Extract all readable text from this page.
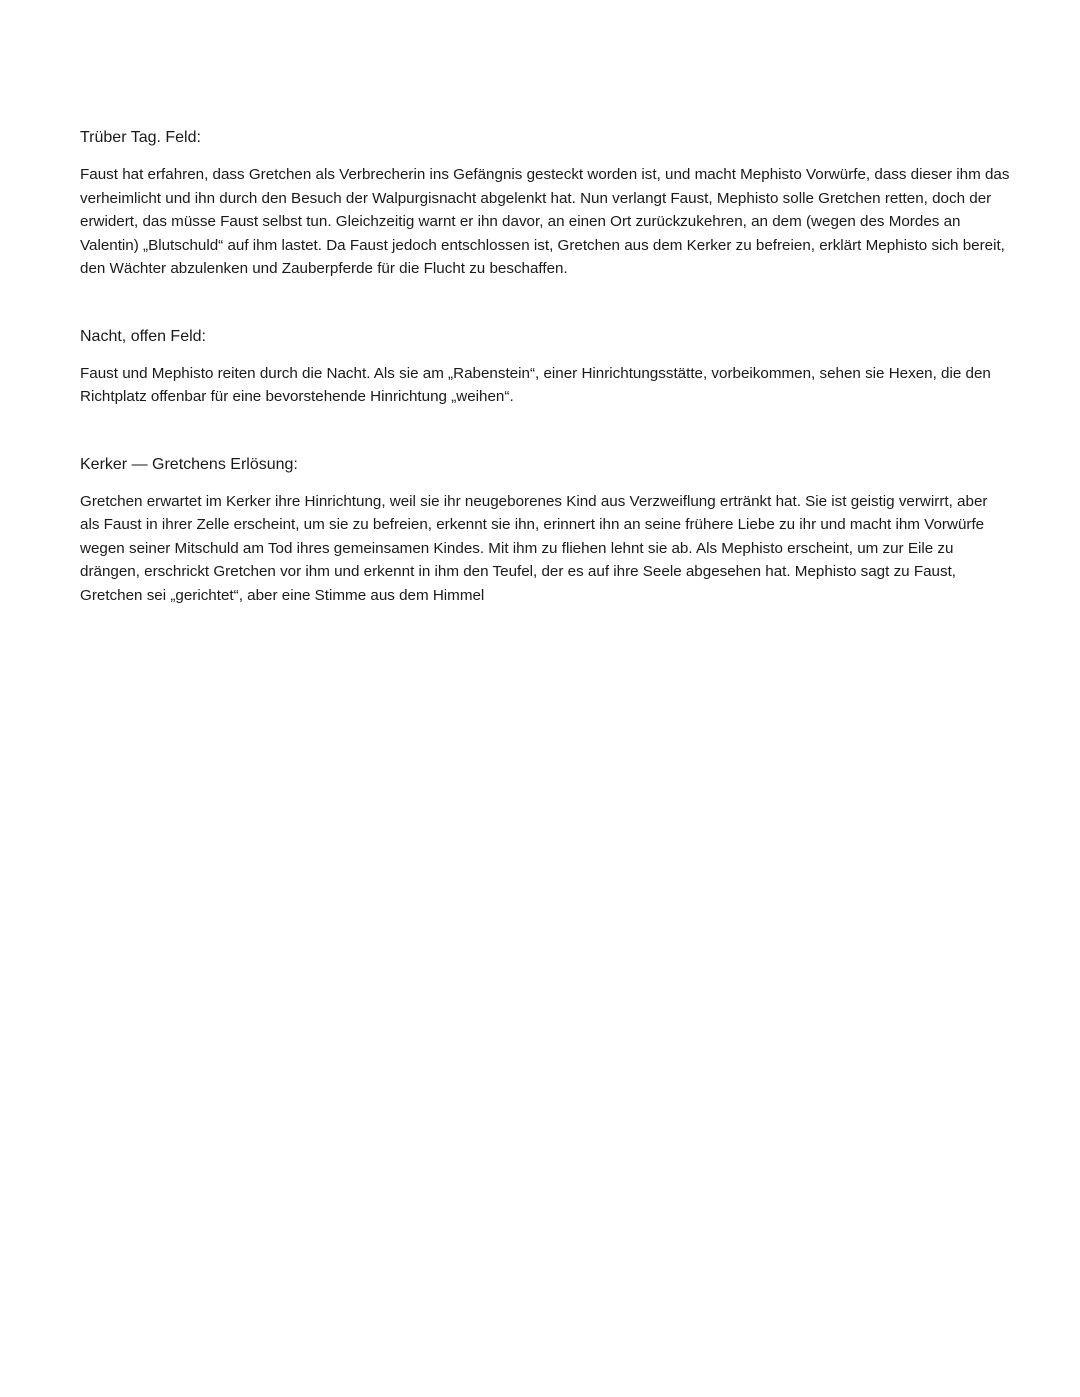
Trüber Tag. Feld:

Faust hat erfahren, dass Gretchen als Verbrecherin ins Gefängnis gesteckt worden ist, und macht Mephisto Vorwürfe, dass dieser ihm das verheimlicht und ihn durch den Besuch der Walpurgisnacht abgelenkt hat. Nun verlangt Faust, Mephisto solle Gretchen retten, doch der erwidert, das müsse Faust selbst tun. Gleichzeitig warnt er ihn davor, an einen Ort zurückzukehren, an dem (wegen des Mordes an Valentin) „Blutschuld“ auf ihm lastet. Da Faust jedoch entschlossen ist, Gretchen aus dem Kerker zu befreien, erklärt Mephisto sich bereit, den Wächter abzulenken und Zauberpferde für die Flucht zu beschaffen.

Nacht, offen Feld:

Faust und Mephisto reiten durch die Nacht. Als sie am „Rabenstein“, einer Hinrichtungsstätte, vorbeikommen, sehen sie Hexen, die den Richtplatz offenbar für eine bevorstehende Hinrichtung „weihen“.

Kerker — Gretchens Erlösung:

Gretchen erwartet im Kerker ihre Hinrichtung, weil sie ihr neugeborenes Kind aus Verzweiflung ertränkt hat. Sie ist geistig verwirrt, aber als Faust in ihrer Zelle erscheint, um sie zu befreien, erkennt sie ihn, erinnert ihn an seine frühere Liebe zu ihr und macht ihm Vorwürfe wegen seiner Mitschuld am Tod ihres gemeinsamen Kindes. Mit ihm zu fliehen lehnt sie ab. Als Mephisto erscheint, um zur Eile zu drängen, erschrickt Gretchen vor ihm und erkennt in ihm den Teufel, der es auf ihre Seele abgesehen hat. Mephisto sagt zu Faust, Gretchen sei „gerichtet“, aber eine Stimme aus dem Himmel
